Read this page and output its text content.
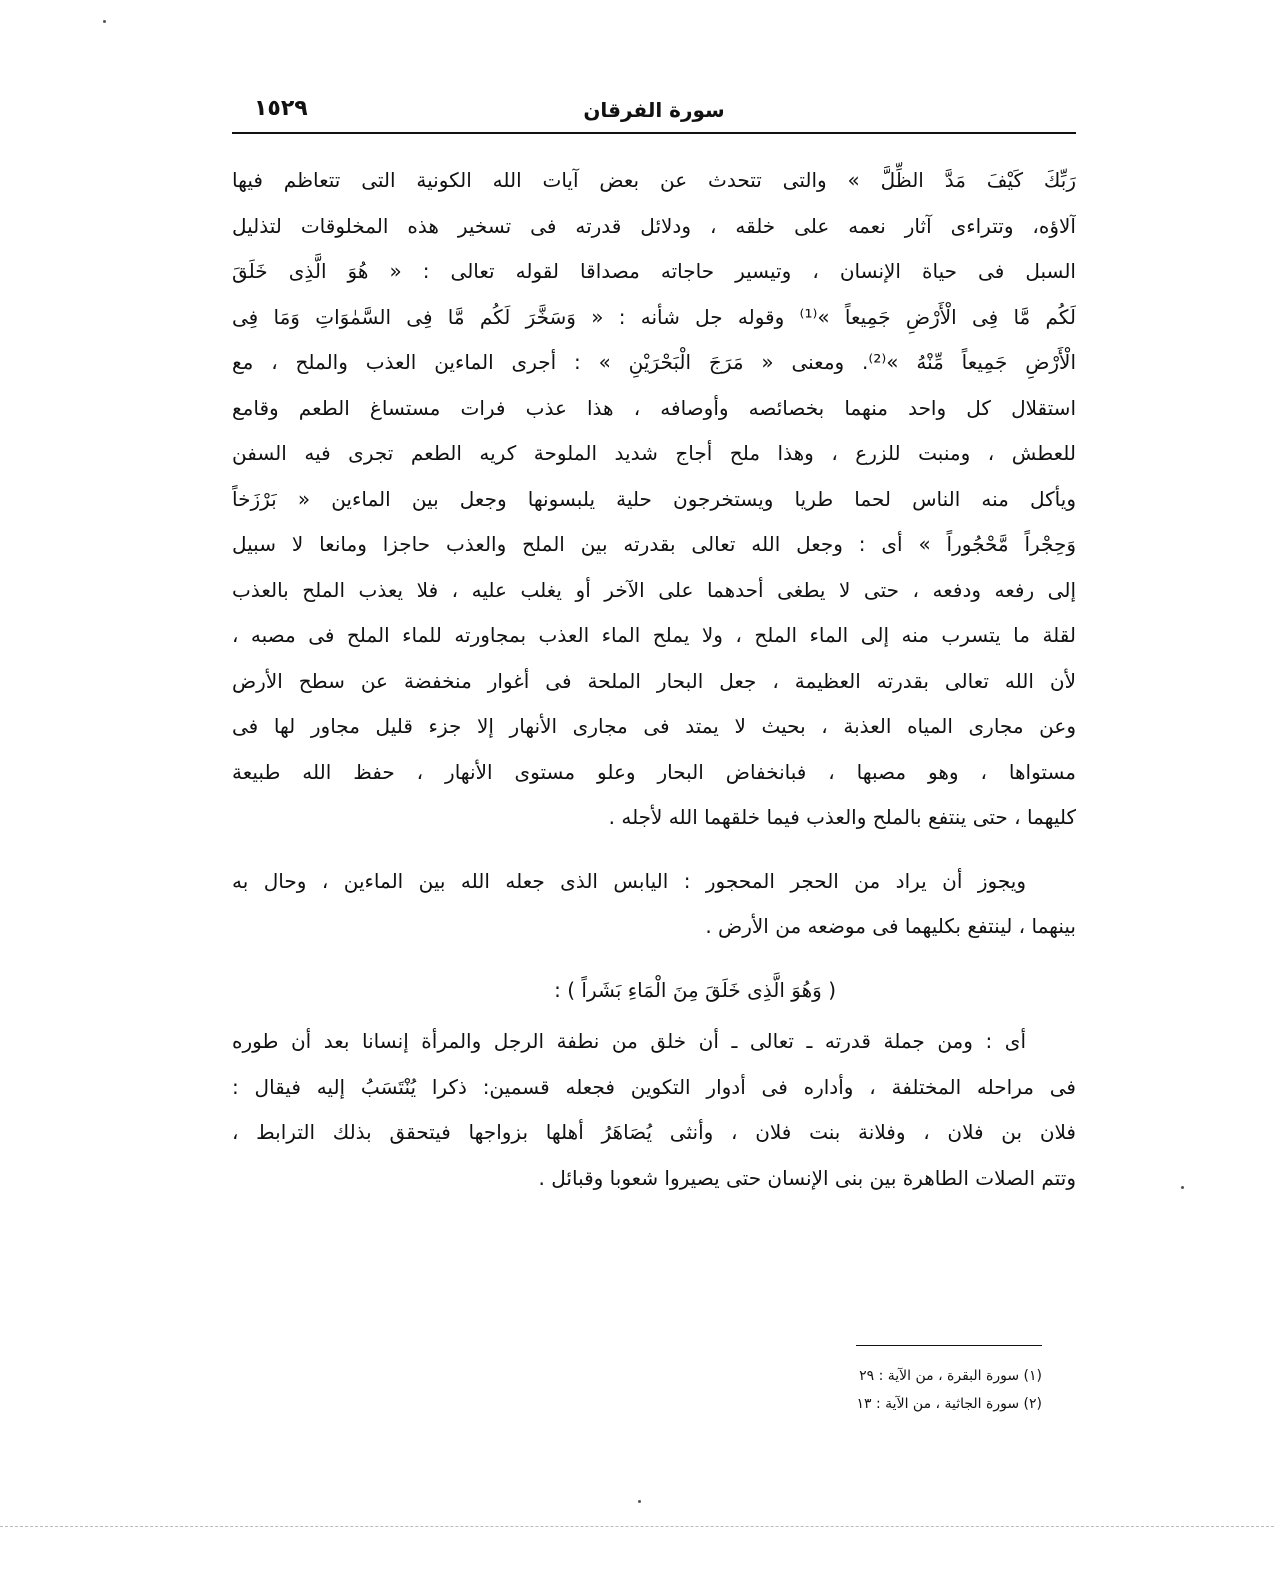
سورة الفرقان
١٥٢٩

رَبِّكَ كَيْفَ مَدَّ الظِّلَّ » والتى تتحدث عن بعض آيات الله الكونية التى تتعاظم فيها
آلاؤه، وتتراءى آثار نعمه على خلقه ، ودلائل قدرته فى تسخير هذه المخلوقات لتذليل
السبل فى حياة الإنسان ، وتيسير حاجاته مصداقا لقوله تعالى : « هُوَ الَّذِى خَلَقَ
لَكُم مَّا فِى الْأَرْضِ جَمِيعاً »⁽¹⁾ وقوله جل شأنه : « وَسَخَّرَ لَكُم مَّا فِى السَّمٰوَاتِ وَمَا فِى
الْأَرْضِ جَمِيعاً مِّنْهُ »⁽²⁾. ومعنى « مَرَجَ الْبَحْرَيْنِ » : أجرى الماءين العذب والملح ، مع
استقلال كل واحد منهما بخصائصه وأوصافه ، هذا عذب فرات مستساغ الطعم وقامع
للعطش ، ومنبت للزرع ، وهذا ملح أجاج شديد الملوحة كريه الطعم تجرى فيه السفن
ويأكل منه الناس لحما طريا ويستخرجون حلية يلبسونها وجعل بين الماءين « بَرْزَخاً
وَحِجْراً مَّحْجُوراً » أى : وجعل الله تعالى بقدرته بين الملح والعذب حاجزا ومانعا لا سبيل
إلى رفعه ودفعه ، حتى لا يطغى أحدهما على الآخر أو يغلب عليه ، فلا يعذب الملح بالعذب
لقلة ما يتسرب منه إلى الماء الملح ، ولا يملح الماء العذب بمجاورته للماء الملح فى مصبه ،
لأن الله تعالى بقدرته العظيمة ، جعل البحار الملحة فى أغوار منخفضة عن سطح الأرض
وعن مجارى المياه العذبة ، بحيث لا يمتد فى مجارى الأنهار إلا جزء قليل مجاور لها فى
مستواها ، وهو مصبها ، فبانخفاض البحار وعلو مستوى الأنهار ، حفظ الله طبيعة
كليهما ، حتى ينتفع بالملح والعذب فيما خلقهما الله لأجله .

ويجوز أن يراد من الحجر المحجور : اليابس الذى جعله الله بين الماءين ، وحال به
بينهما ، لينتفع بكليهما فى موضعه من الأرض .

( وَهُوَ الَّذِى خَلَقَ مِنَ الْمَاءِ بَشَراً ) :

أى : ومن جملة قدرته ـ تعالى ـ أن خلق من نطفة الرجل والمرأة إنسانا بعد أن طوره
فى مراحله المختلفة ، وأداره فى أدوار التكوين فجعله قسمين: ذكرا يُنْتَسَبُ إليه فيقال :
فلان بن فلان ، وفلانة بنت فلان ، وأنثى يُصَاهَرُ أهلها بزواجها فيتحقق بذلك الترابط ،
وتتم الصلات الطاهرة بين بنى الإنسان حتى يصيروا شعوبا وقبائل .

(١) سورة البقرة ، من الآية : ٢٩
(٢) سورة الجاثية ، من الآية : ١٣
